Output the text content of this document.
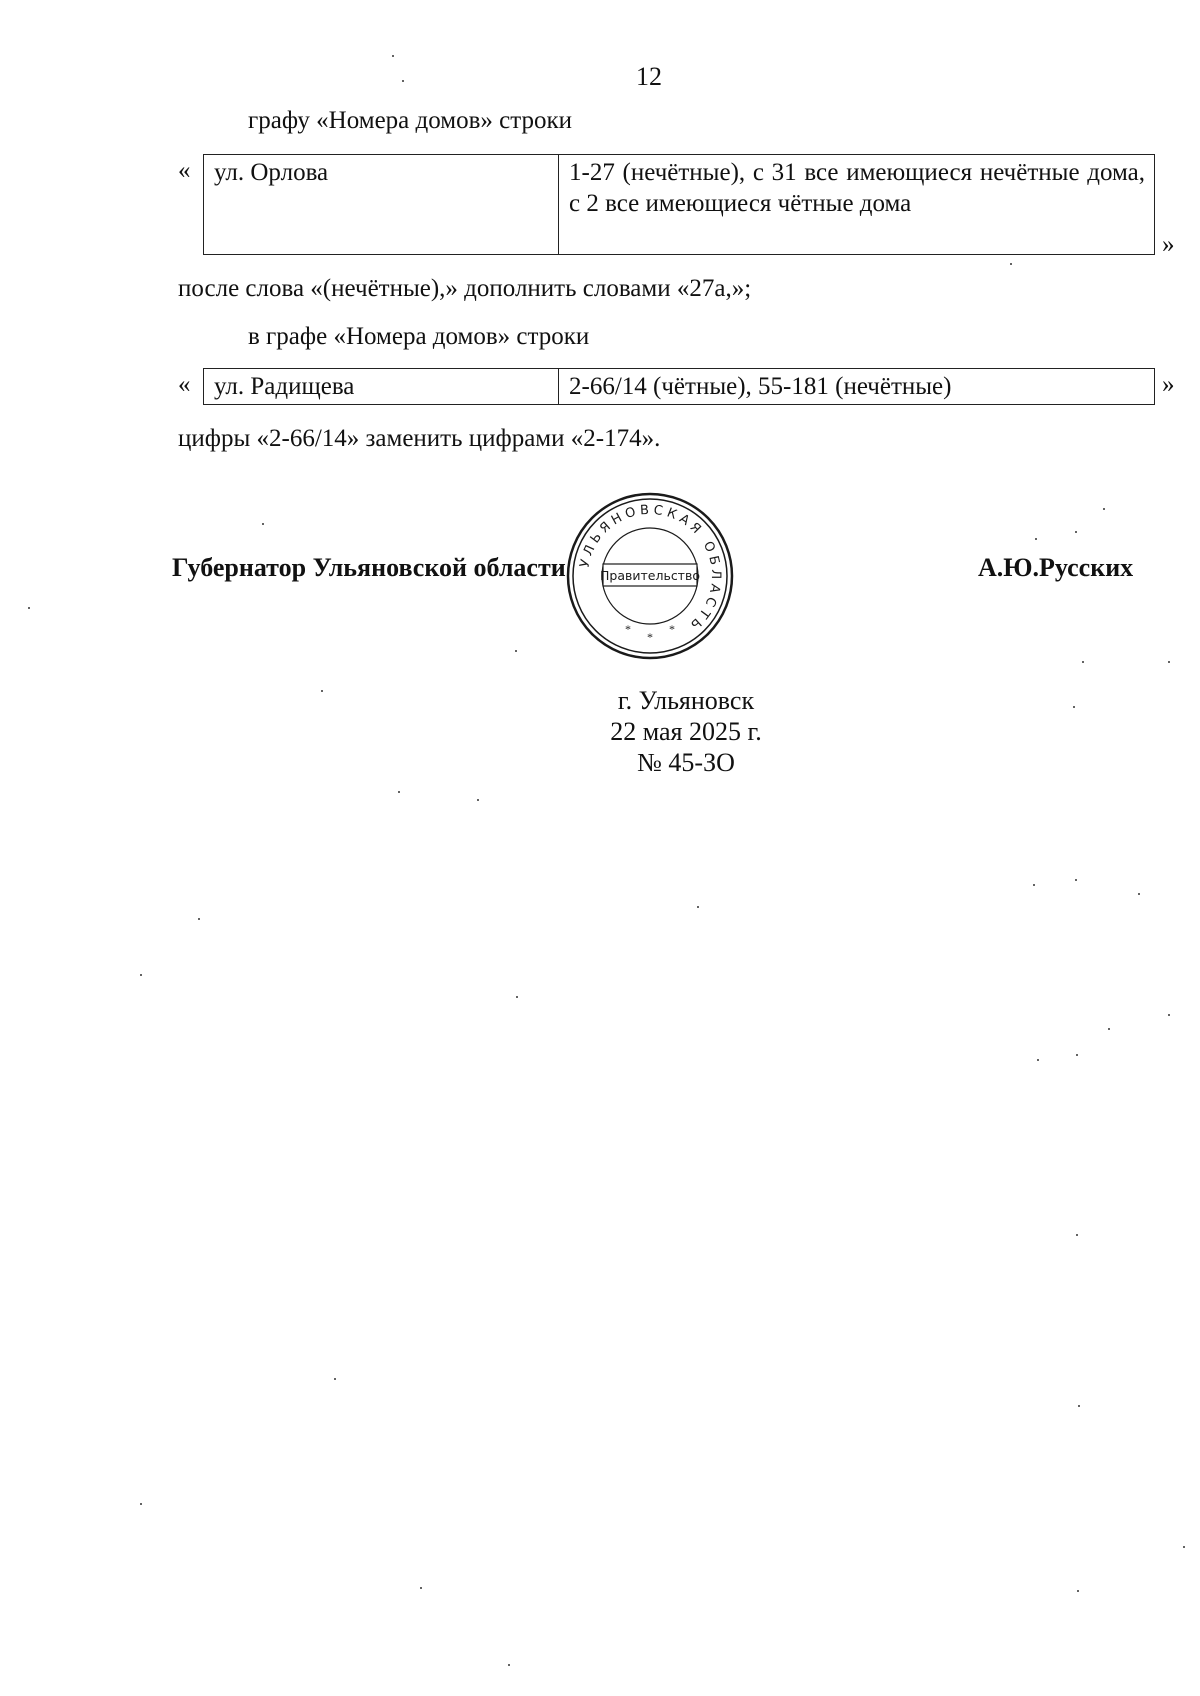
12
графу «Номера домов» строки
« ул. Орлова	1-27 (нечётные), с 31 все имеющиеся нечётные дома, с 2 все имеющиеся чётные дома
»
после слова «(нечётные),» дополнить словами «27а,»;
в графе «Номера домов» строки
« ул. Радищева	2-66/14 (чётные), 55-181 (нечётные)	»
цифры «2-66/14» заменить цифрами «2-174».
Губернатор Ульяновской области	А.Ю.Русских
УЛЬЯНОВСКАЯ ОБЛАСТЬ
Правительство
*
*
*
г. Ульяновск
22 мая 2025 г.
№ 45-ЗО
